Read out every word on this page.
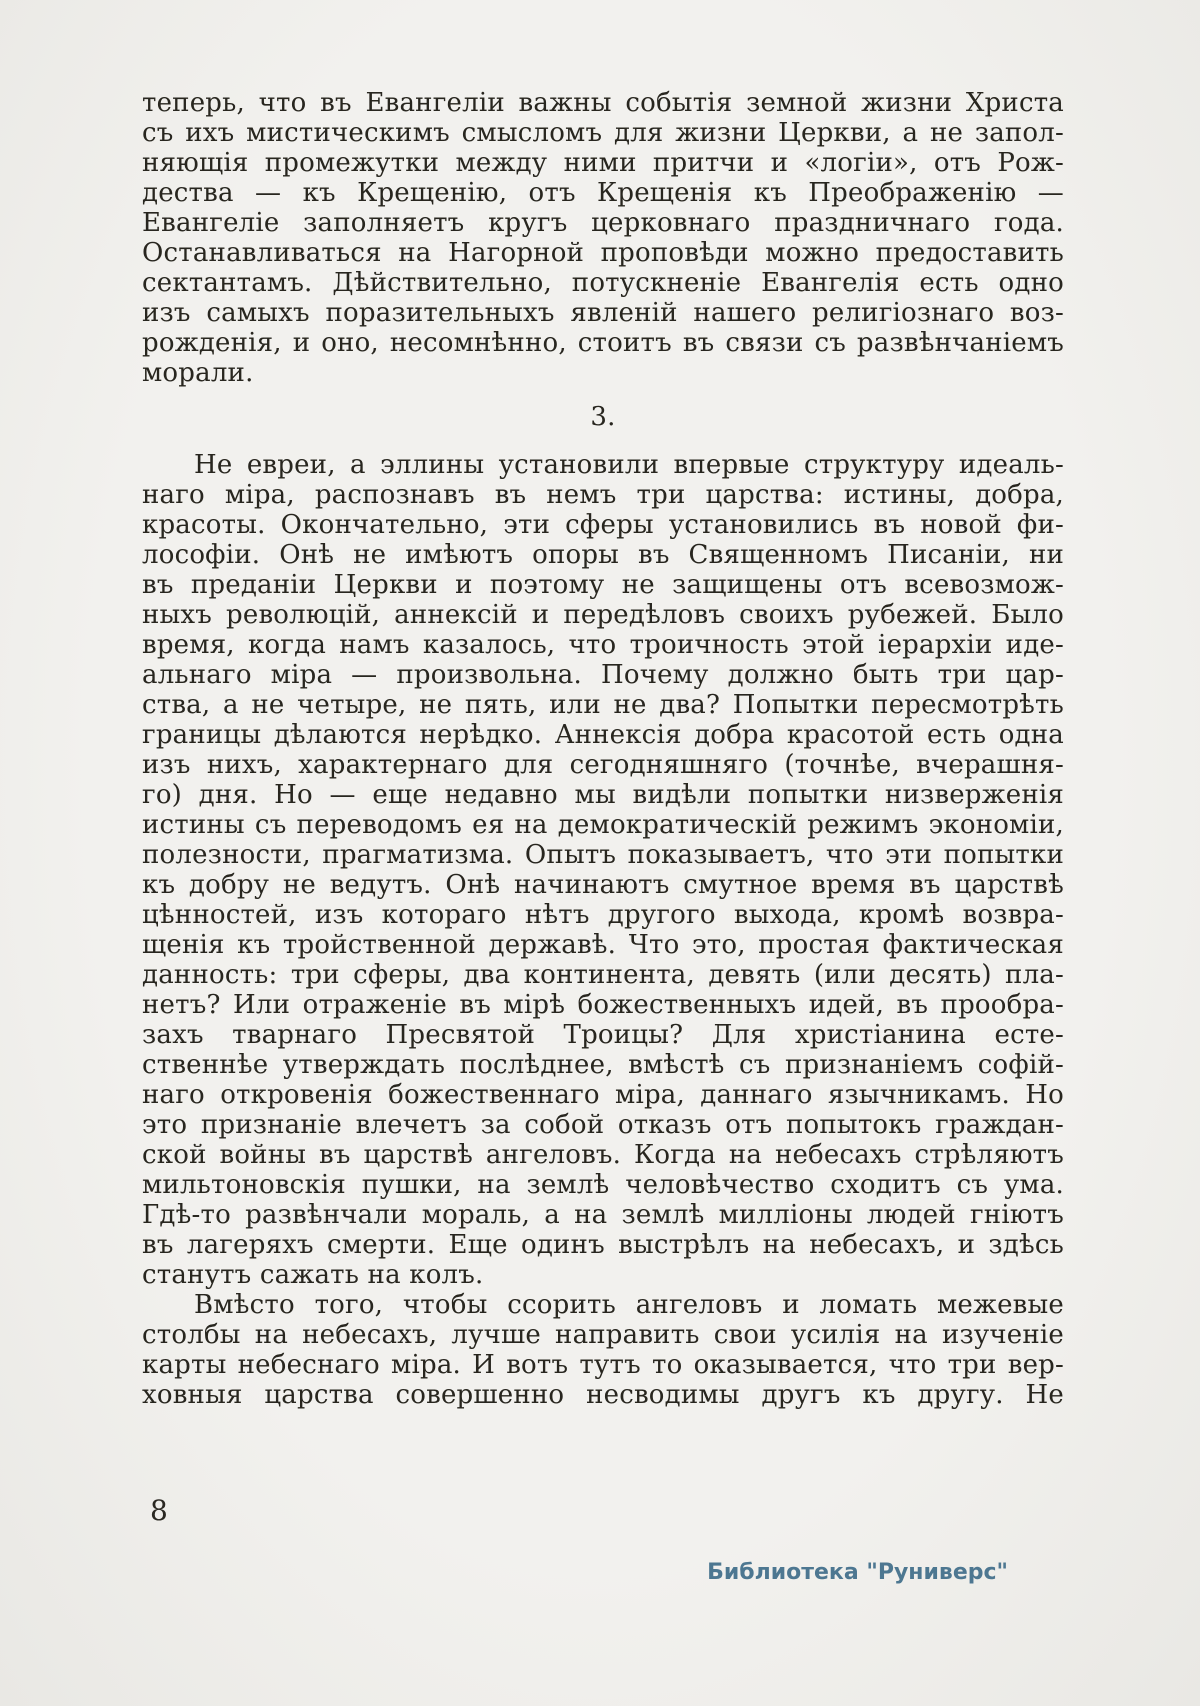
теперь, что въ Евангеліи важны событія земной жизни Христа
съ ихъ мистическимъ смысломъ для жизни Церкви, а не запол-
няющія промежутки между ними притчи и «логіи», отъ Рож-
дества — къ Крещенію, отъ Крещенія къ Преображенію —
Евангеліе заполняетъ кругъ церковнаго праздничнаго года.
Останавливаться на Нагорной проповѣди можно предоставить
сектантамъ. Дѣйствительно, потускненіе Евангелія есть одно
изъ самыхъ поразительныхъ явленій нашего религіознаго воз-
рожденія, и оно, несомнѣнно, стоитъ въ связи съ развѣнчаніемъ
морали.
3.
Не евреи, а эллины установили впервые структуру идеаль-
наго міра, распознавъ въ немъ три царства: истины, добра,
красоты. Окончательно, эти сферы установились въ новой фи-
лософіи. Онѣ не имѣютъ опоры въ Священномъ Писаніи, ни
въ преданіи Церкви и поэтому не защищены отъ всевозмож-
ныхъ революцій, аннексій и передѣловъ своихъ рубежей. Было
время, когда намъ казалось, что троичность этой іерархіи иде-
альнаго міра — произвольна. Почему должно быть три цар-
ства, а не четыре, не пять, или не два? Попытки пересмотрѣть
границы дѣлаются нерѣдко. Аннексія добра красотой есть одна
изъ нихъ, характернаго для сегодняшняго (точнѣе, вчерашня-
го) дня. Но — еще недавно мы видѣли попытки низверженія
истины съ переводомъ ея на демократическій режимъ экономіи,
полезности, прагматизма. Опытъ показываетъ, что эти попытки
къ добру не ведутъ. Онѣ начинаютъ смутное время въ царствѣ
цѣнностей, изъ котораго нѣтъ другого выхода, кромѣ возвра-
щенія къ тройственной державѣ. Что это, простая фактическая
данность: три сферы, два континента, девять (или десять) пла-
нетъ? Или отраженіе въ мірѣ божественныхъ идей, въ прообра-
захъ тварнаго Пресвятой Троицы? Для христіанина есте-
ственнѣе утверждать послѣднее, вмѣстѣ съ признаніемъ софій-
наго откровенія божественнаго міра, даннаго язычникамъ. Но
это признаніе влечетъ за собой отказъ отъ попытокъ граждан-
ской войны въ царствѣ ангеловъ. Когда на небесахъ стрѣляютъ
мильтоновскія пушки, на землѣ человѣчество сходитъ съ ума.
Гдѣ-то развѣнчали мораль, а на землѣ милліоны людей гніютъ
въ лагеряхъ смерти. Еще одинъ выстрѣлъ на небесахъ, и здѣсь
станутъ сажать на колъ.
Вмѣсто того, чтобы ссорить ангеловъ и ломать межевые
столбы на небесахъ, лучше направить свои усилія на изученіе
карты небеснаго міра. И вотъ тутъ то оказывается, что три вер-
ховныя царства совершенно несводимы другъ къ другу. Не
8
Библиотека "Руниверс"
